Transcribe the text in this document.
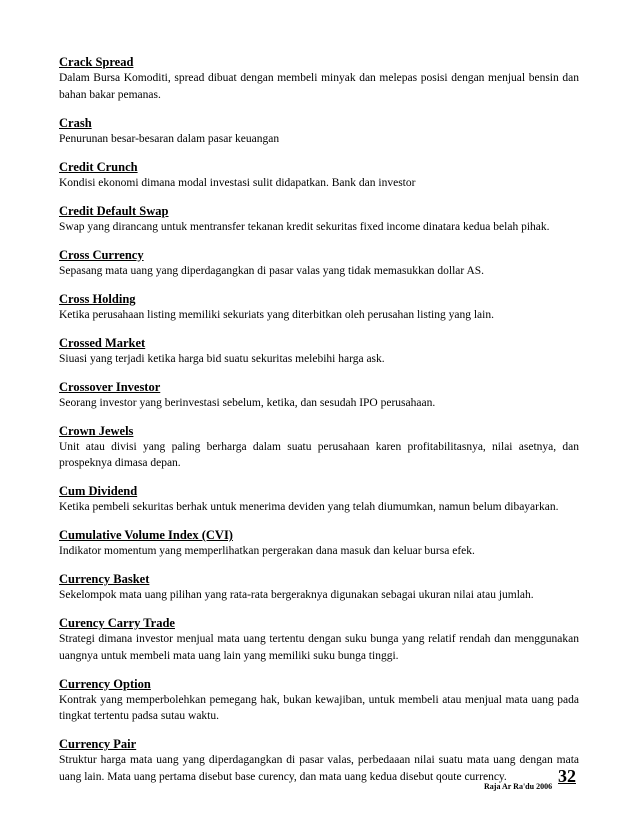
Crack Spread

Dalam Bursa Komoditi, spread dibuat dengan membeli minyak dan melepas posisi dengan menjual bensin dan bahan bakar pemanas.

Crash

Penurunan besar-besaran dalam pasar keuangan

Credit Crunch

Kondisi ekonomi dimana modal investasi sulit didapatkan. Bank dan investor

Credit Default Swap

Swap yang dirancang untuk mentransfer tekanan kredit sekuritas fixed income dinatara kedua belah pihak.

Cross Currency

Sepasang mata uang yang diperdagangkan di pasar valas yang tidak memasukkan dollar AS.

Cross Holding

Ketika perusahaan listing memiliki sekuriats yang diterbitkan oleh perusahan listing yang lain.

Crossed Market

Siuasi yang terjadi ketika harga bid suatu sekuritas melebihi harga ask.

Crossover Investor

Seorang investor yang berinvestasi sebelum, ketika, dan sesudah IPO perusahaan.

Crown Jewels

Unit atau divisi yang paling berharga dalam suatu perusahaan karen profitabilitasnya, nilai asetnya, dan prospeknya dimasa depan.

Cum Dividend

Ketika pembeli sekuritas berhak untuk menerima deviden yang telah diumumkan, namun belum dibayarkan.

Cumulative Volume Index (CVI)

Indikator momentum yang memperlihatkan pergerakan dana masuk dan keluar bursa efek.

Currency Basket

Sekelompok mata uang pilihan yang rata-rata bergeraknya digunakan sebagai ukuran nilai atau jumlah.

Curency Carry Trade

Strategi dimana investor menjual mata uang tertentu dengan suku bunga yang relatif rendah dan menggunakan uangnya untuk membeli mata uang lain yang memiliki suku bunga tinggi.

Currency Option

Kontrak yang memperbolehkan pemegang hak, bukan kewajiban, untuk membeli atau menjual mata uang pada tingkat tertentu padsa sutau waktu.

Currency Pair

Struktur harga mata uang yang diperdagangkan di pasar valas, perbedaaan nilai suatu mata uang dengan mata uang lain. Mata uang pertama disebut base curency, dan mata uang kedua disebut qoute currency.	32
Raja Ar Ra'du 2006
